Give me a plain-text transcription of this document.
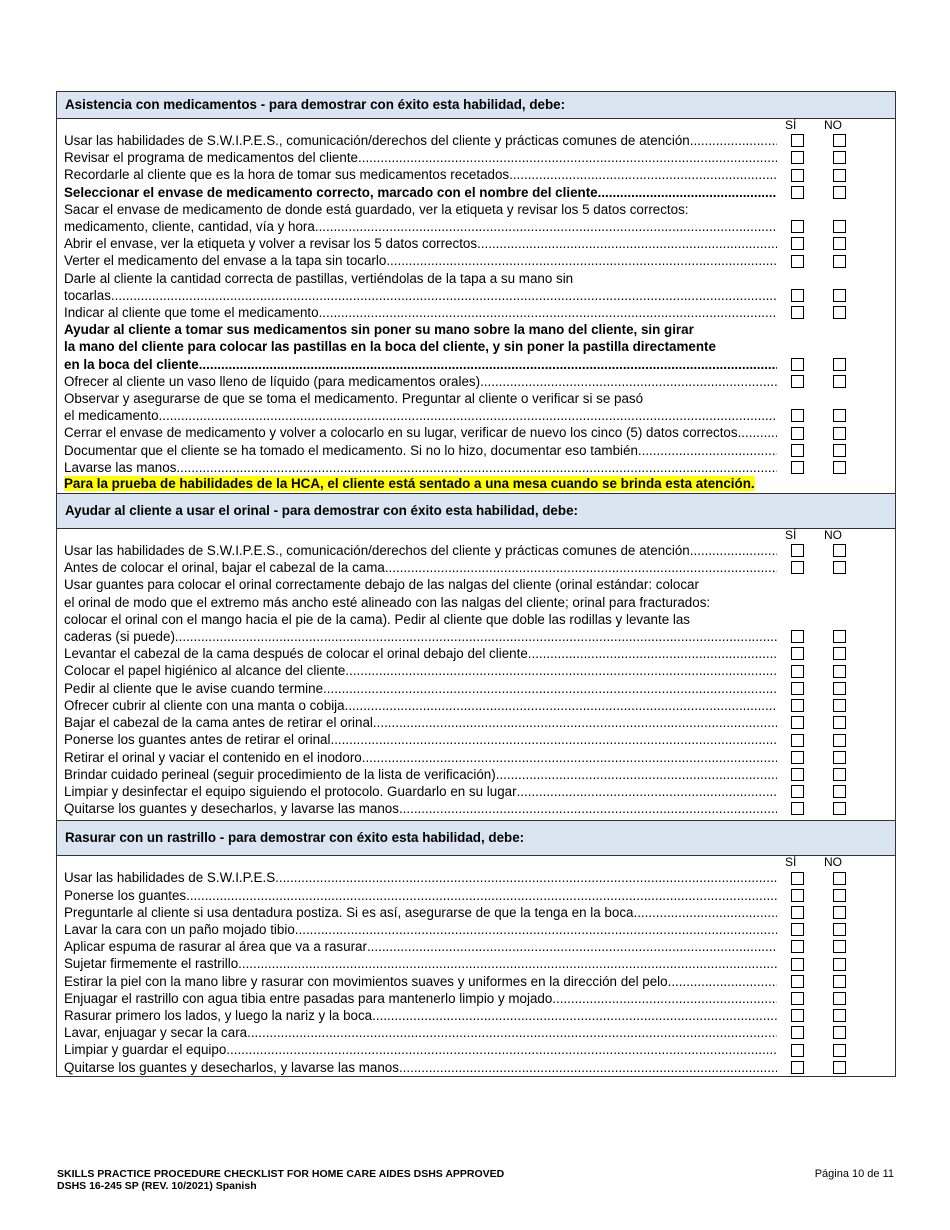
Asistencia con medicamentos - para demostrar con éxito esta habilidad, debe:
SÍ NO
Usar las habilidades de S.W.I.P.E.S., comunicación/derechos del cliente y prácticas comunes de atención
.....
Revisar el programa de medicamentos del cliente
.....
Recordarle al cliente que es la hora de tomar sus medicamentos recetados
.....
Seleccionar el envase de medicamento correcto, marcado con el nombre del cliente
.....
Sacar el envase de medicamento de donde está guardado, ver la etiqueta y revisar los 5 datos correctos:
medicamento, cliente, cantidad, vía y hora
.....
Abrir el envase, ver la etiqueta y volver a revisar los 5 datos correctos
.....
Verter el medicamento del envase a la tapa sin tocarlo
.....
Darle al cliente la cantidad correcta de pastillas, vertiéndolas de la tapa a su mano sin
tocarlas
.....
Indicar al cliente que tome el medicamento
.....
Ayudar al cliente a tomar sus medicamentos sin poner su mano sobre la mano del cliente, sin girar
la mano del cliente para colocar las pastillas en la boca del cliente, y sin poner la pastilla directamente
en la boca del cliente
.....
Ofrecer al cliente un vaso lleno de líquido (para medicamentos orales)
.....
Observar y asegurarse de que se toma el medicamento. Preguntar al cliente o verificar si se pasó
el medicamento
.....
Cerrar el envase de medicamento y volver a colocarlo en su lugar, verificar de nuevo los cinco (5) datos correctos.
.....
Documentar que el cliente se ha tomado el medicamento. Si no lo hizo, documentar eso también
.....
Lavarse las manos
.....
Para la prueba de habilidades de la HCA, el cliente está sentado a una mesa cuando se brinda esta atención.
Ayudar al cliente a usar el orinal - para demostrar con éxito esta habilidad, debe:
SÍ NO
Usar las habilidades de S.W.I.P.E.S., comunicación/derechos del cliente y prácticas comunes de atención
.....
Antes de colocar el orinal, bajar el cabezal de la cama
.....
Usar guantes para colocar el orinal correctamente debajo de las nalgas del cliente (orinal estándar: colocar
el orinal de modo que el extremo más ancho esté alineado con las nalgas del cliente; orinal para fracturados:
colocar el orinal con el mango hacia el pie de la cama). Pedir al cliente que doble las rodillas y levante las
caderas (si puede)
.....
Levantar el cabezal de la cama después de colocar el orinal debajo del cliente
.....
Colocar el papel higiénico al alcance del cliente
.....
Pedir al cliente que le avise cuando termine
.....
Ofrecer cubrir al cliente con una manta o cobija
.....
Bajar el cabezal de la cama antes de retirar el orinal
.....
Ponerse los guantes antes de retirar el orinal
.....
Retirar el orinal y vaciar el contenido en el inodoro
.....
Brindar cuidado perineal (seguir procedimiento de la lista de verificación)
.....
Limpiar y desinfectar el equipo siguiendo el protocolo. Guardarlo en su lugar
.....
Quitarse los guantes y desecharlos, y lavarse las manos
.....
Rasurar con un rastrillo - para demostrar con éxito esta habilidad, debe:
SÍ NO
Usar las habilidades de S.W.I.P.E.S.
.....
Ponerse los guantes
.....
Preguntarle al cliente si usa dentadura postiza. Si es así, asegurarse de que la tenga en la boca
.....
Lavar la cara con un paño mojado tibio
.....
Aplicar espuma de rasurar al área que va a rasurar
.....
Sujetar firmemente el rastrillo
.....
Estirar la piel con la mano libre y rasurar con movimientos suaves y uniformes en la dirección del pelo
.....
Enjuagar el rastrillo con agua tibia entre pasadas para mantenerlo limpio y mojado
.....
Rasurar primero los lados, y luego la nariz y la boca
.....
Lavar, enjuagar y secar la cara
.....
Limpiar y guardar el equipo
.....
Quitarse los guantes y desecharlos, y lavarse las manos
.....
SKILLS PRACTICE PROCEDURE CHECKLIST FOR HOME CARE AIDES DSHS APPROVED
DSHS 16-245 SP (REV. 10/2021) Spanish
Página 10 de 11
